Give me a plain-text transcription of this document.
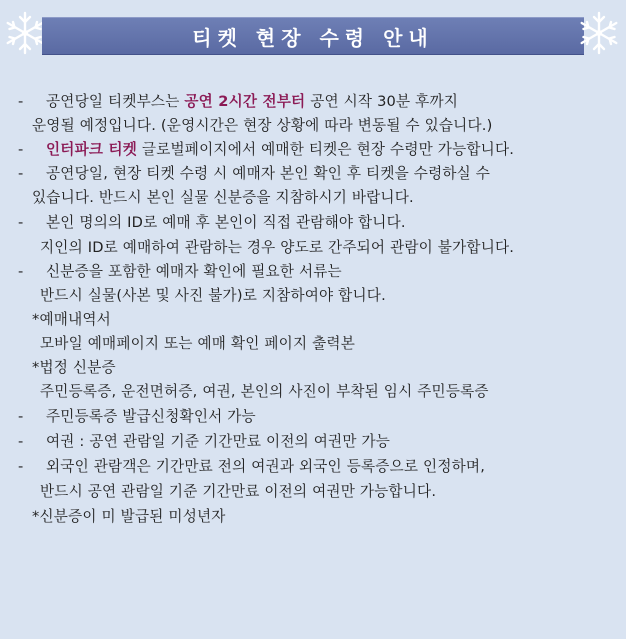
티켓 현장 수령 안내
- 공연당일 티켓부스는 공연 2시간 전부터 공연 시작 30분 후까지
운영될 예정입니다. (운영시간은 현장 상황에 따라 변동될 수 있습니다.)
- 인터파크 티켓 글로벌페이지에서 예매한 티켓은 현장 수령만 가능합니다.
- 공연당일, 현장 티켓 수령 시 예매자 본인 확인 후 티켓을 수령하실 수
있습니다. 반드시 본인 실물 신분증을 지참하시기 바랍니다.
- 본인 명의의 ID로 예매 후 본인이 직접 관람해야 합니다.
지인의 ID로 예매하여 관람하는 경우 양도로 간주되어 관람이 불가합니다.
- 신분증을 포함한 예매자 확인에 필요한 서류는
반드시 실물(사본 및 사진 불가)로 지참하여야 합니다.
*예매내역서
모바일 예매페이지 또는 예매 확인 페이지 출력본
*법정 신분증
주민등록증, 운전면허증, 여권, 본인의 사진이 부착된 임시 주민등록증
- 주민등록증 발급신청확인서 가능
- 여권 : 공연 관람일 기준 기간만료 이전의 여권만 가능
- 외국인 관람객은 기간만료 전의 여권과 외국인 등록증으로 인정하며,
반드시 공연 관람일 기준 기간만료 이전의 여권만 가능합니다.
*신분증이 미 발급된 미성년자
